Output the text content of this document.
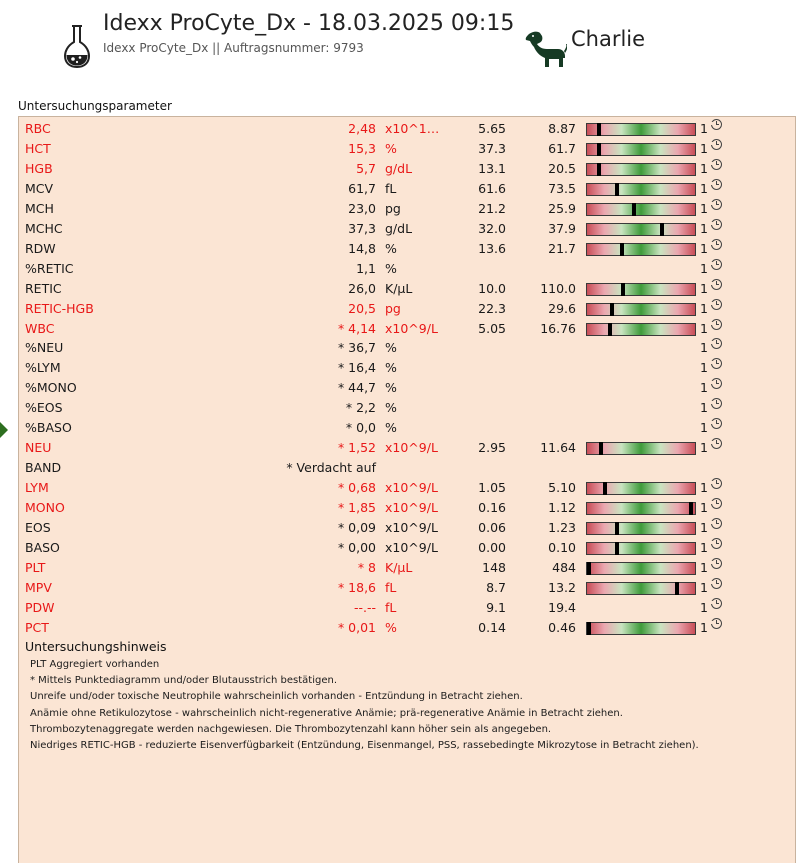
Idexx ProCyte_Dx - 18.03.2025 09:15
Idexx ProCyte_Dx || Auftragsnummer: 9793	Charlie
Untersuchungsparameter
RBC	2,48 x10^1…	5.65	8.87	1
HCT	15,3 %	37.3	61.7	1
HGB	5,7 g/dL	13.1	20.5	1
MCV	61,7 fL	61.6	73.5	1
MCH	23,0 pg	21.2	25.9	1
MCHC	37,3 g/dL	32.0	37.9	1
RDW	14,8 %	13.6	21.7	1
%RETIC	1,1 %	1
RETIC	26,0 K/µL	10.0	110.0	1
RETIC-HGB	20,5 pg	22.3	29.6	1
WBC	* 4,14 x10^9/L	5.05	16.76	1
%NEU	* 36,7 %	1
%LYM	* 16,4 %	1
%MONO	* 44,7 %	1
%EOS	* 2,2 %	1
%BASO	* 0,0 %	1
NEU	* 1,52 x10^9/L	2.95	11.64	1
BAND	* Verdacht auf
LYM	* 0,68 x10^9/L	1.05	5.10	1
MONO	* 1,85 x10^9/L	0.16	1.12	1
EOS	* 0,09 x10^9/L	0.06	1.23	1
BASO	* 0,00 x10^9/L	0.00	0.10	1
PLT	* 8 K/µL	148	484	1
MPV	* 18,6 fL	8.7	13.2	1
PDW	--.-- fL	9.1	19.4	1
PCT	* 0,01 %	0.14	0.46	1
Untersuchungshinweis
PLT Aggregiert vorhanden
* Mittels Punktediagramm und/oder Blutausstrich bestätigen.
Unreife und/oder toxische Neutrophile wahrscheinlich vorhanden - Entzündung in Betracht ziehen.
Anämie ohne Retikulozytose - wahrscheinlich nicht-regenerative Anämie; prä-regenerative Anämie in Betracht ziehen.
Thrombozytenaggregate werden nachgewiesen. Die Thrombozytenzahl kann höher sein als angegeben.
Niedriges RETIC-HGB - reduzierte Eisenverfügbarkeit (Entzündung, Eisenmangel, PSS, rassebedingte Mikrozytose in Betracht ziehen).
